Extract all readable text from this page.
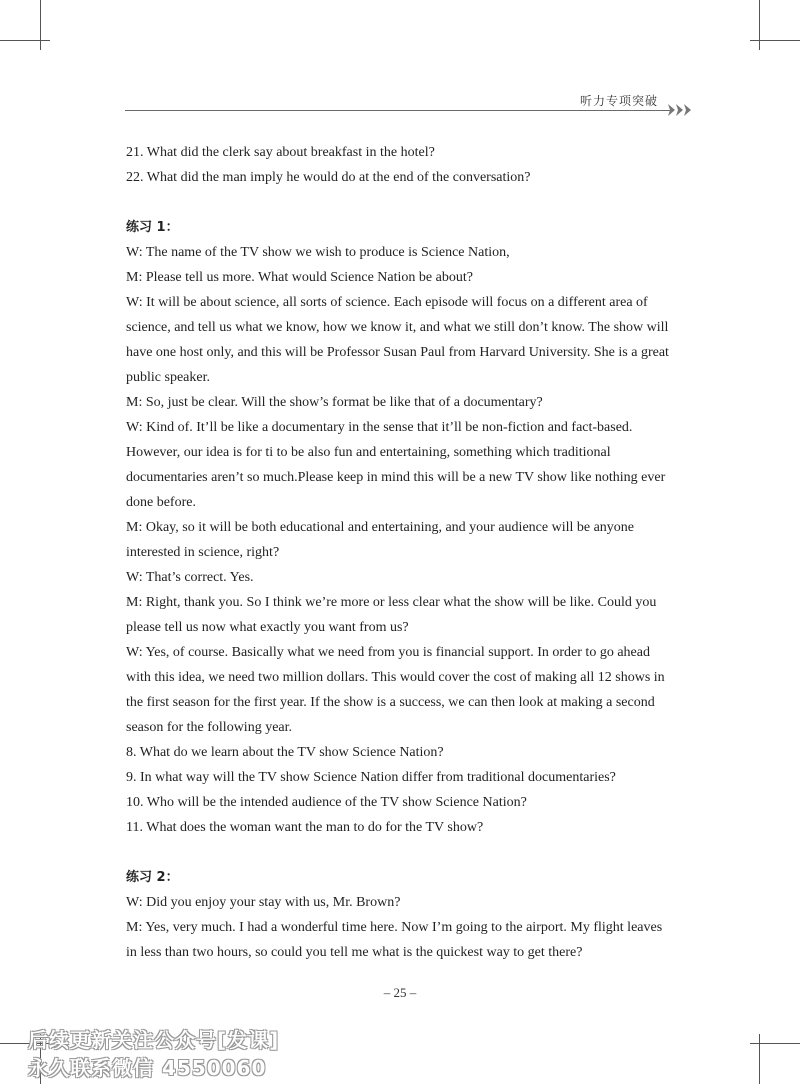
听力专项突破

21. What did the clerk say about breakfast in the hotel?

22. What did the man imply he would do at the end of the conversation?

练习 1：

W: The name of the TV show we wish to produce is Science Nation,

M: Please tell us more. What would Science Nation be about?

W: It will be about science, all sorts of science. Each episode will focus on a different area of

science, and tell us what we know, how we know it, and what we still don’t know. The show will

have one host only, and this will be Professor Susan Paul from Harvard University. She is a great

public speaker.

M: So, just be clear. Will the show’s format be like that of a documentary?

W: Kind of. It’ll be like a documentary in the sense that it’ll be non-fiction and fact-based.

However, our idea is for ti to be also fun and entertaining, something which traditional

documentaries aren’t so much.Please keep in mind this will be a new TV show like nothing ever

done before.

M: Okay, so it will be both educational and entertaining, and your audience will be anyone

interested in science, right?

W: That’s correct. Yes.

M: Right, thank you. So I think we’re more or less clear what the show will be like. Could you

please tell us now what exactly you want from us?

W: Yes, of course. Basically what we need from you is financial support. In order to go ahead

with this idea, we need two million dollars. This would cover the cost of making all 12 shows in

the first season for the first year. If the show is a success, we can then look at making a second

season for the following year.

8. What do we learn about the TV show Science Nation?

9. In what way will the TV show Science Nation differ from traditional documentaries?

10. Who will be the intended audience of the TV show Science Nation?

11. What does the woman want the man to do for the TV show?

练习 2：

W: Did you enjoy your stay with us, Mr. Brown?

M: Yes, very much. I had a wonderful time here. Now I’m going to the airport. My flight leaves

in less than two hours, so could you tell me what is the quickest way to get there?

– 25 –
后续更新关注公众号[发课]
永久联系微信 4550060
